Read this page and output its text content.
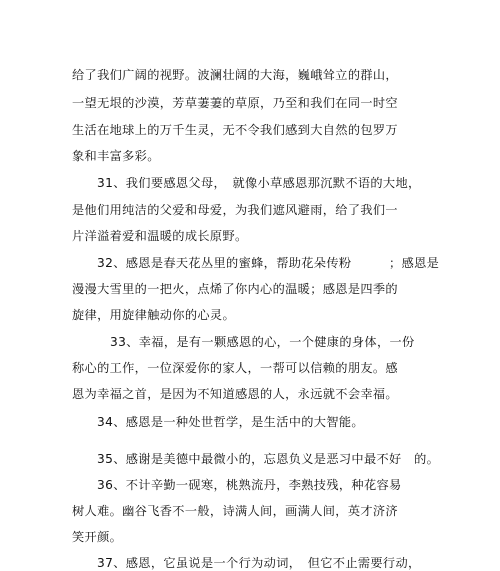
给了我们广阔的视野。波澜壮阔的大海，巍峨耸立的群山，
一望无垠的沙漠，芳草萋萋的草原，乃至和我们在同一时空
生活在地球上的万千生灵，无不令我们感到大自然的包罗万
象和丰富多彩。
31、我们要感恩父母，　就像小草感恩那沉默不语的大地，
是他们用纯洁的父爱和母爱，为我们遮风避雨，给了我们一
片洋溢着爱和温暖的成长原野。
32、感恩是春天花丛里的蜜蜂，帮助花朵传粉　　　；感恩是
漫漫大雪里的一把火，点烯了你内心的温暖；感恩是四季的
旋律，用旋律触动你的心灵。
33、幸福，是有一颗感恩的心，一个健康的身体，一份
称心的工作，一位深爱你的家人，一帮可以信赖的朋友。感
恩为幸福之首，是因为不知道感恩的人，永远就不会幸福。
34、感恩是一种处世哲学，是生活中的大智能。
35、感谢是美德中最微小的，忘恩负义是恶习中最不好　的。
36、不计辛勤一砚寒，桃熟流丹，李熟技残，种花容易
树人难。幽谷飞香不一般，诗满人间，画满人间，英才济济
笑开颜。
37、感恩，它虽说是一个行为动词，　但它不止需要行动，
